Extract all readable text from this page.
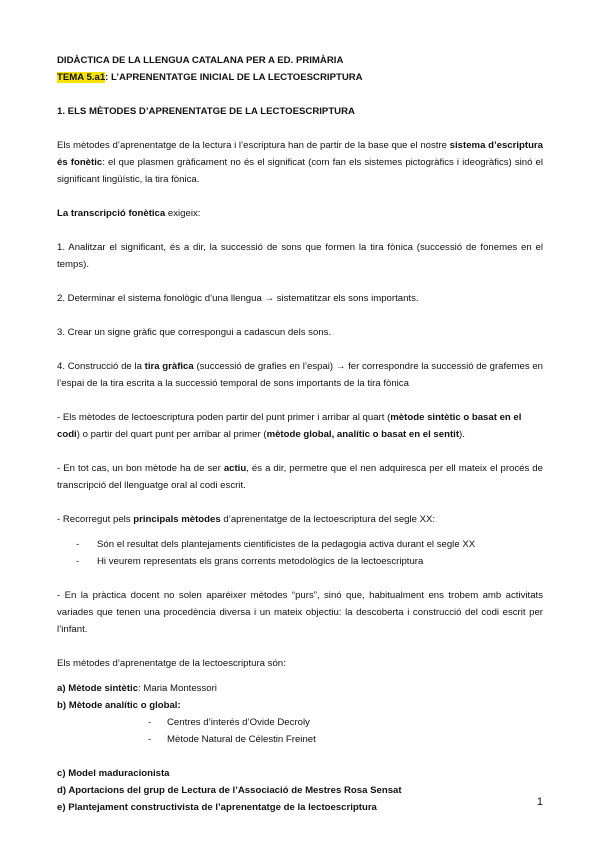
DIDÀCTICA DE LA LLENGUA CATALANA PER A ED. PRIMÀRIA

TEMA 5.a1: L’APRENENTATGE INICIAL DE LA LECTOESCRIPTURA

1. ELS MÈTODES D’APRENENTATGE DE LA LECTOESCRIPTURA

Els mètodes d’aprenentatge de la lectura i l’escriptura han de partir de la base que el nostre sistema d’escriptura és fonètic: el que plasmen gràficament no és el significat (com fan els sistemes pictogràfics i ideogràfics) sinó el significant lingüístic, la tira fònica.

La transcripció fonètica exigeix:

1. Analitzar el significant, és a dir, la successió de sons que formen la tira fònica (successió de fonemes en el temps).

2. Determinar el sistema fonològic d’una llengua → sistematitzar els sons importants.

3. Crear un signe gràfic que correspongui a cadascun dels sons.

4. Construcció de la tira gràfica (successió de grafies en l’espai) → fer correspondre la successió de grafemes en l’espai de la tira escrita a la successió temporal de sons importants de la tira fònica

- Els mètodes de lectoescriptura poden partir del punt primer i arribar al quart (mètode sintètic o basat en el codi) o partir del quart punt per arribar al primer (mètode global, analític o basat en el sentit).

- En tot cas, un bon mètode ha de ser actiu, és a dir, permetre que el nen adquiresca per ell mateix el procés de transcripció del llenguatge oral al codi escrit.

- Recorregut pels principals mètodes d’aprenentatge de la lectoescriptura del segle XX:

- Són el resultat dels plantejaments cientificistes de la pedagogia activa durant el segle XX

- Hi veurem representats els grans corrents metodològics de la lectoescriptura

- En la pràctica docent no solen aparéixer mètodes “purs”, sinó que, habitualment ens trobem amb activitats variades que tenen una procedència diversa i un mateix objectiu: la descoberta i construcció del codi escrit per l’infant.

Els mètodes d’aprenentatge de la lectoescriptura són:

a) Mètode sintètic: Maria Montessori

b) Mètode analític o global:

- Centres d’interés d’Ovide Decroly

- Mètode Natural de Célestin Freinet

c) Model maduracionista

d) Aportacions del grup de Lectura de l’Associació de Mestres Rosa Sensat

e) Plantejament constructivista de l’aprenentatge de la lectoescriptura	1
